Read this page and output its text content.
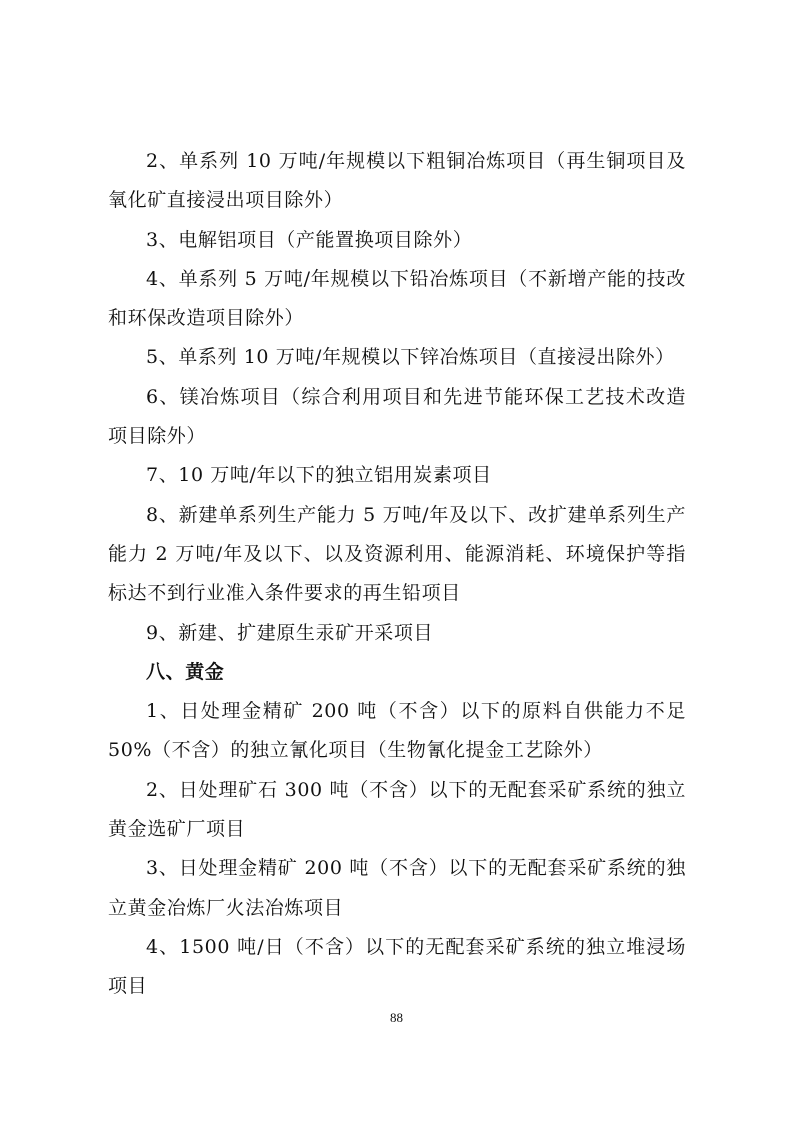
2、单系列 10 万吨/年规模以下粗铜冶炼项目（再生铜项目及氧化矿直接浸出项目除外）

3、电解铝项目（产能置换项目除外）

4、单系列 5 万吨/年规模以下铅冶炼项目（不新增产能的技改和环保改造项目除外）

5、单系列 10 万吨/年规模以下锌冶炼项目（直接浸出除外）

6、镁冶炼项目（综合利用项目和先进节能环保工艺技术改造项目除外）

7、10 万吨/年以下的独立铝用炭素项目

8、新建单系列生产能力 5 万吨/年及以下、改扩建单系列生产能力 2 万吨/年及以下、以及资源利用、能源消耗、环境保护等指标达不到行业准入条件要求的再生铅项目

9、新建、扩建原生汞矿开采项目

八、黄金

1、日处理金精矿 200 吨（不含）以下的原料自供能力不足 50%（不含）的独立氰化项目（生物氰化提金工艺除外）

2、日处理矿石 300 吨（不含）以下的无配套采矿系统的独立黄金选矿厂项目

3、日处理金精矿 200 吨（不含）以下的无配套采矿系统的独立黄金冶炼厂火法冶炼项目

4、1500 吨/日（不含）以下的无配套采矿系统的独立堆浸场项目

88
